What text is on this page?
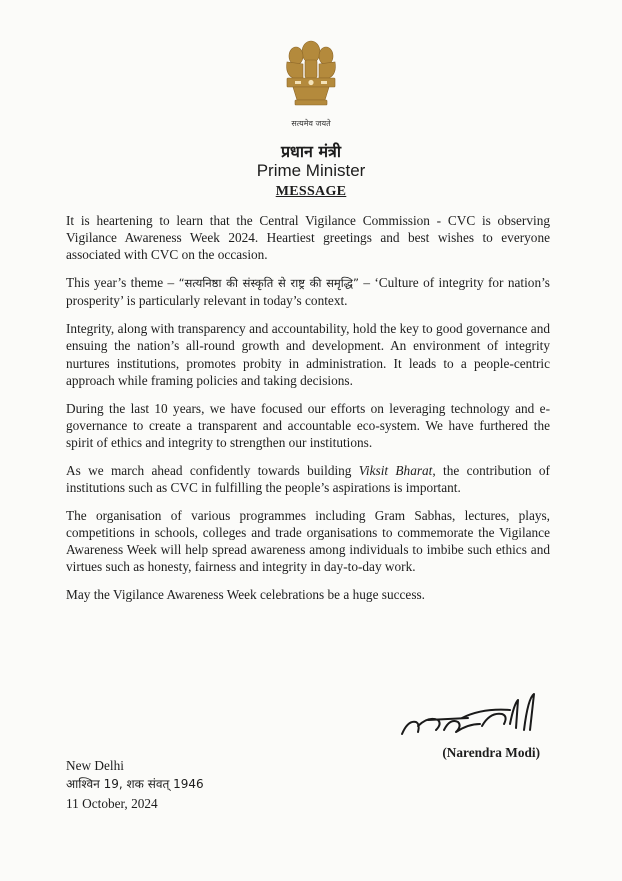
सत्यमेव जयते
प्रधान मंत्री
Prime Minister
MESSAGE

It is heartening to learn that the Central Vigilance Commission - CVC is observing Vigilance Awareness Week 2024. Heartiest greetings and best wishes to everyone associated with CVC on the occasion.

This year’s theme – “सत्यनिष्ठा की संस्कृति से राष्ट्र की समृद्धि” – ‘Culture of integrity for nation’s prosperity’ is particularly relevant in today’s context.

Integrity, along with transparency and accountability, hold the key to good governance and ensuing the nation’s all-round growth and development. An environment of integrity nurtures institutions, promotes probity in administration. It leads to a people-centric approach while framing policies and taking decisions.

During the last 10 years, we have focused our efforts on leveraging technology and e-governance to create a transparent and accountable eco-system. We have furthered the spirit of ethics and integrity to strengthen our institutions.

As we march ahead confidently towards building Viksit Bharat, the contribution of institutions such as CVC in fulfilling the people’s aspirations is important.

The organisation of various programmes including Gram Sabhas, lectures, plays, competitions in schools, colleges and trade organisations to commemorate the Vigilance Awareness Week will help spread awareness among individuals to imbibe such ethics and virtues such as honesty, fairness and integrity in day-to-day work.

May the Vigilance Awareness Week celebrations be a huge success.

(Narendra Modi)
New Delhi
आश्विन 19, शक संवत् 1946
11 October, 2024
